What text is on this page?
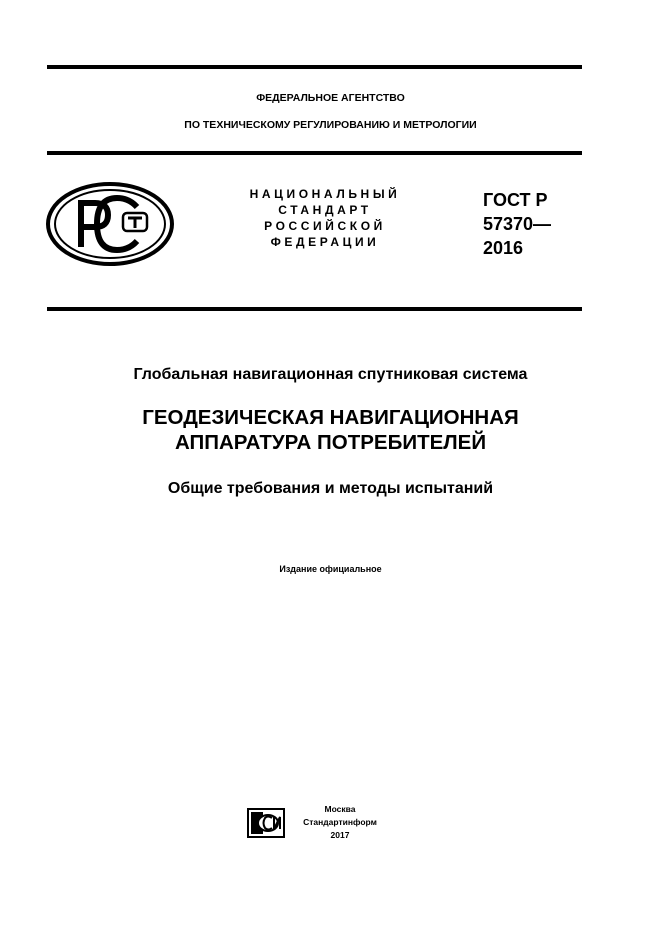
ФЕДЕРАЛЬНОЕ АГЕНТСТВО
ПО ТЕХНИЧЕСКОМУ РЕГУЛИРОВАНИЮ И МЕТРОЛОГИИ
НАЦИОНАЛЬНЫЙ
СТАНДАРТ
РОССИЙСКОЙ
ФЕДЕРАЦИИ
ГОСТ Р
57370—
2016
Глобальная навигационная спутниковая система
ГЕОДЕЗИЧЕСКАЯ НАВИГАЦИОННАЯ
АППАРАТУРА ПОТРЕБИТЕЛЕЙ
Общие требования и методы испытаний
Издание официальное
Москва
Стандартинформ
2017
